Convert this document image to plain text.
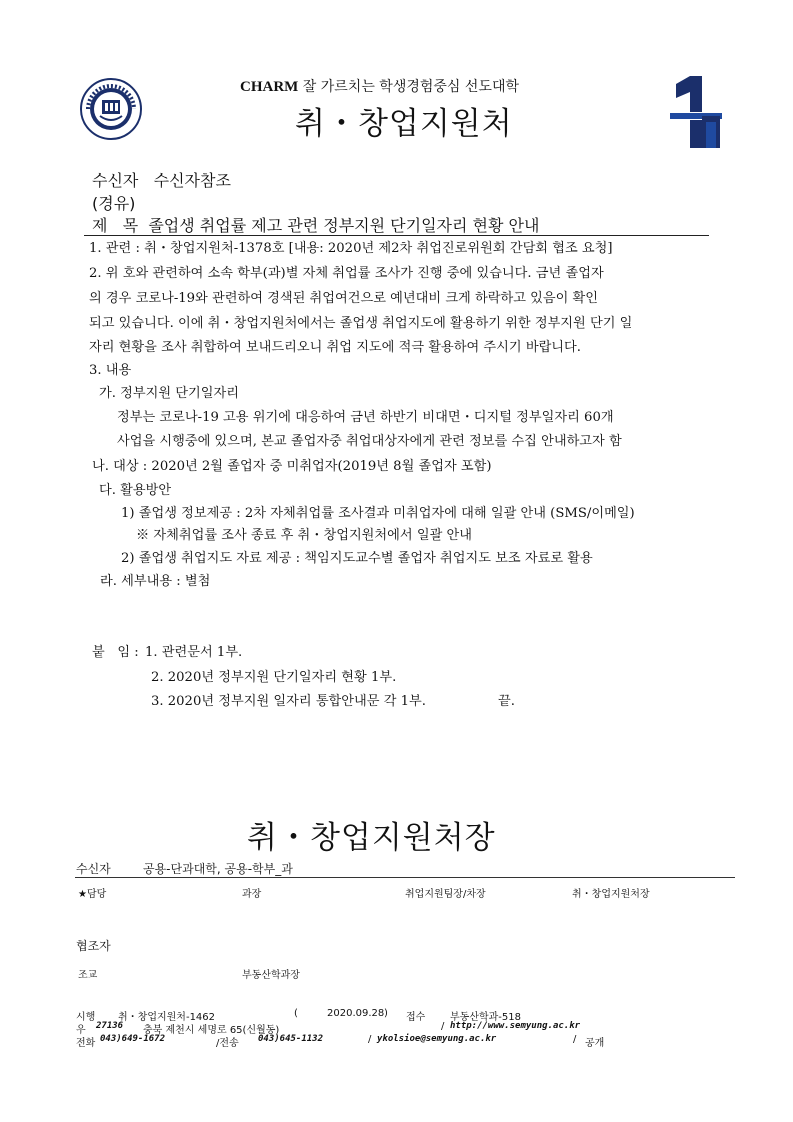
CHARM 잘 가르치는 학생경험중심 선도대학
취・창업지원처
수신자 수신자참조
(경유)
제   목 졸업생 취업률 제고 관련 정부지원 단기일자리 현황 안내
1. 관련 : 취・창업지원처-1378호 [내용: 2020년 제2차 취업진로위원회 간담회 협조 요청]
2. 위 호와 관련하여 소속 학부(과)별 자체 취업률 조사가 진행 중에 있습니다. 금년 졸업자
의 경우 코로나-19와 관련하여 경색된 취업여건으로 예년대비 크게 하락하고 있음이 확인
되고 있습니다. 이에 취・창업지원처에서는 졸업생 취업지도에 활용하기 위한 정부지원 단기 일
자리 현황을 조사 취합하여 보내드리오니 취업 지도에 적극 활용하여 주시기 바랍니다.
3. 내용
가. 정부지원 단기일자리
정부는 코로나-19 고용 위기에 대응하여 금년 하반기 비대면・디지털 정부일자리 60개
사업을 시행중에 있으며, 본교 졸업자중 취업대상자에게 관련 정보를 수집 안내하고자 함
나. 대상 : 2020년 2월 졸업자 중 미취업자(2019년 8월 졸업자 포함)
다. 활용방안
1) 졸업생 정보제공 : 2차 자체취업률 조사결과 미취업자에 대해 일괄 안내 (SMS/이메일)
※ 자체취업률 조사 종료 후 취・창업지원처에서 일괄 안내
2) 졸업생 취업지도 자료 제공 : 책임지도교수별 졸업자 취업지도 보조 자료로 활용
라. 세부내용 : 별첨
붙   임 : 1. 관련문서 1부.
2. 2020년 정부지원 단기일자리 현황 1부.
3. 2020년 정부지원 일자리 통합안내문 각 1부.	끝.
취・창업지원처장
수신자	공용-단과대학, 공용-학부_과
★담당	과장	취업지원팀장/차장	취・창업지원처장
협조자
조교	부동산학과장
시행 취・창업지원처-1462	(	2020.09.28 ) 접수 부동산학과-518
우 27136 충북 제천시 세명로 65(신월동)	/ http://www.semyung.ac.kr
전화 043)649-1672	/전송 043)645-1132	/ ykolsioe@semyung.ac.kr	/ 공개
